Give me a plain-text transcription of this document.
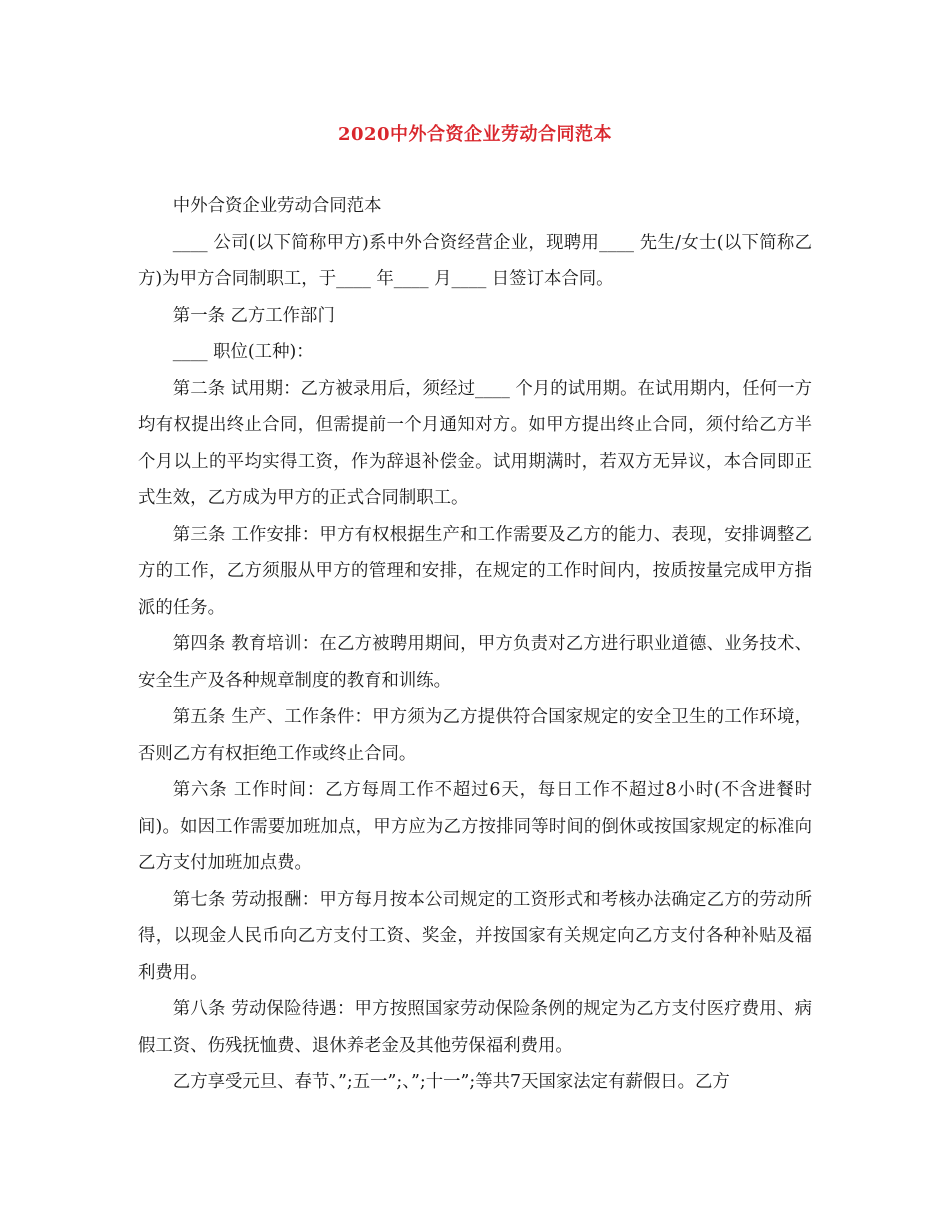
2020中外合资企业劳动合同范本

中外合资企业劳动合同范本

____ 公司(以下简称甲方)系中外合资经营企业，现聘用____ 先生/女士(以下简称乙方)为甲方合同制职工，于____ 年____ 月____ 日签订本合同。

第一条 乙方工作部门

____ 职位(工种)：

第二条 试用期：乙方被录用后，须经过____ 个月的试用期。在试用期内，任何一方均有权提出终止合同，但需提前一个月通知对方。如甲方提出终止合同，须付给乙方半个月以上的平均实得工资，作为辞退补偿金。试用期满时，若双方无异议，本合同即正式生效，乙方成为甲方的正式合同制职工。

第三条 工作安排：甲方有权根据生产和工作需要及乙方的能力、表现，安排调整乙方的工作，乙方须服从甲方的管理和安排，在规定的工作时间内，按质按量完成甲方指派的任务。

第四条 教育培训：在乙方被聘用期间，甲方负责对乙方进行职业道德、业务技术、安全生产及各种规章制度的教育和训练。

第五条 生产、工作条件：甲方须为乙方提供符合国家规定的安全卫生的工作环境，否则乙方有权拒绝工作或终止合同。

第六条 工作时间：乙方每周工作不超过6天，每日工作不超过8小时(不含进餐时间)。如因工作需要加班加点，甲方应为乙方按排同等时间的倒休或按国家规定的标准向乙方支付加班加点费。

第七条 劳动报酬：甲方每月按本公司规定的工资形式和考核办法确定乙方的劳动所得，以现金人民币向乙方支付工资、奖金，并按国家有关规定向乙方支付各种补贴及福利费用。

第八条 劳动保险待遇：甲方按照国家劳动保险条例的规定为乙方支付医疗费用、病假工资、伤残抚恤费、退休养老金及其他劳保福利费用。

乙方享受元旦、春节、”;五一”;、”;十一”;等共7天国家法定有薪假日。乙方
